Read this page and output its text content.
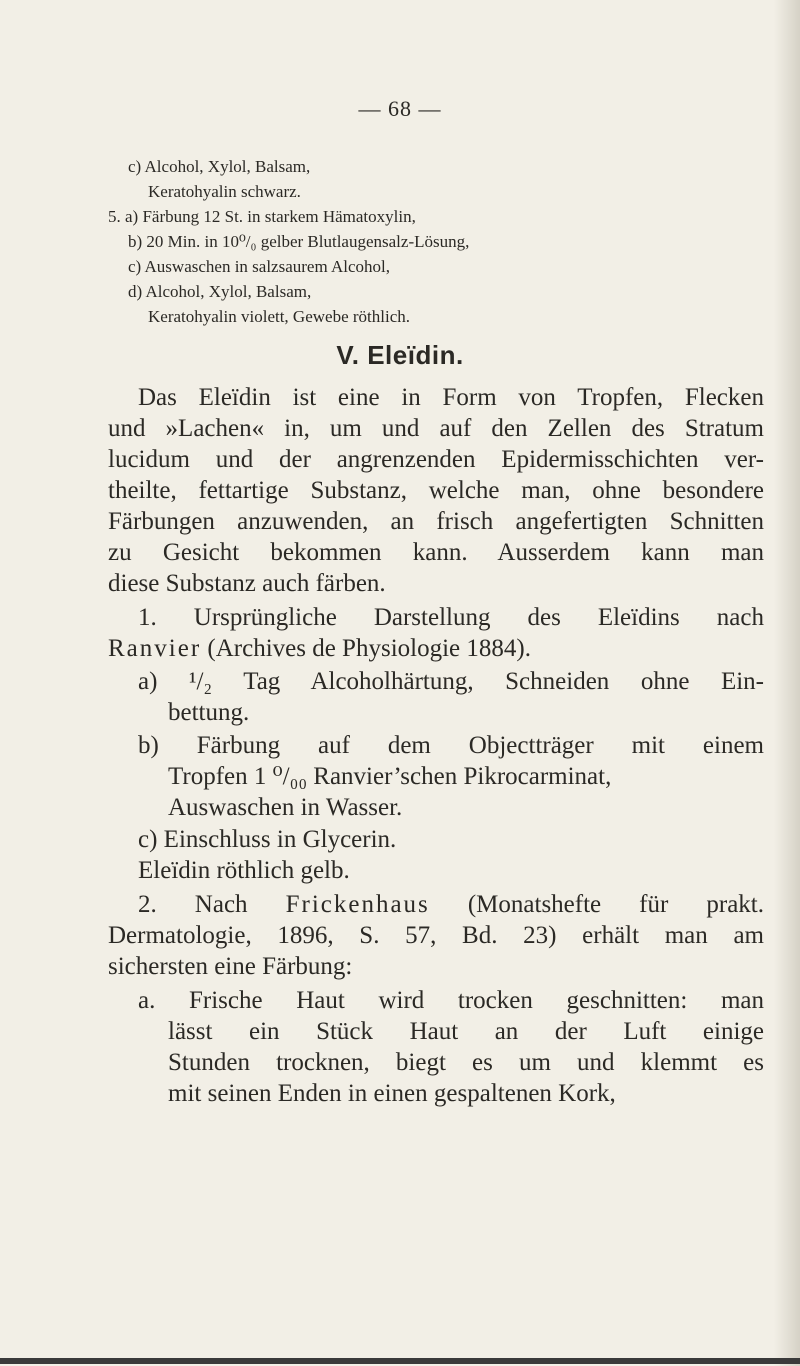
— 68 —
c) Alcohol, Xylol, Balsam,
Keratohyalin schwarz.
5. a) Färbung 12 St. in starkem Hämatoxylin,
b) 20 Min. in 10⁰/₀ gelber Blutlaugensalz-Lösung,
c) Auswaschen in salzsaurem Alcohol,
d) Alcohol, Xylol, Balsam,
Keratohyalin violett, Gewebe röthlich.
V. Eleïdin.
Das Eleïdin ist eine in Form von Tropfen, Flecken
und »Lachen« in, um und auf den Zellen des Stratum
lucidum und der angrenzenden Epidermisschichten ver-
theilte, fettartige Substanz, welche man, ohne besondere
Färbungen anzuwenden, an frisch angefertigten Schnitten
zu Gesicht bekommen kann. Ausserdem kann man
diese Substanz auch färben.
1. Ursprüngliche Darstellung des Eleïdins nach
Ranvier (Archives de Physiologie 1884).
a) ¹/₂ Tag Alcoholhärtung, Schneiden ohne Ein-
bettung.
b) Färbung auf dem Objectträger mit einem
Tropfen 1 ⁰/₀₀ Ranvier’schen Pikrocarminat,
Auswaschen in Wasser.
c) Einschluss in Glycerin.
Eleïdin röthlich gelb.
2. Nach Frickenhaus (Monatshefte für prakt.
Dermatologie, 1896, S. 57, Bd. 23) erhält man am
sichersten eine Färbung:
a. Frische Haut wird trocken geschnitten: man
lässt ein Stück Haut an der Luft einige
Stunden trocknen, biegt es um und klemmt es
mit seinen Enden in einen gespaltenen Kork,
